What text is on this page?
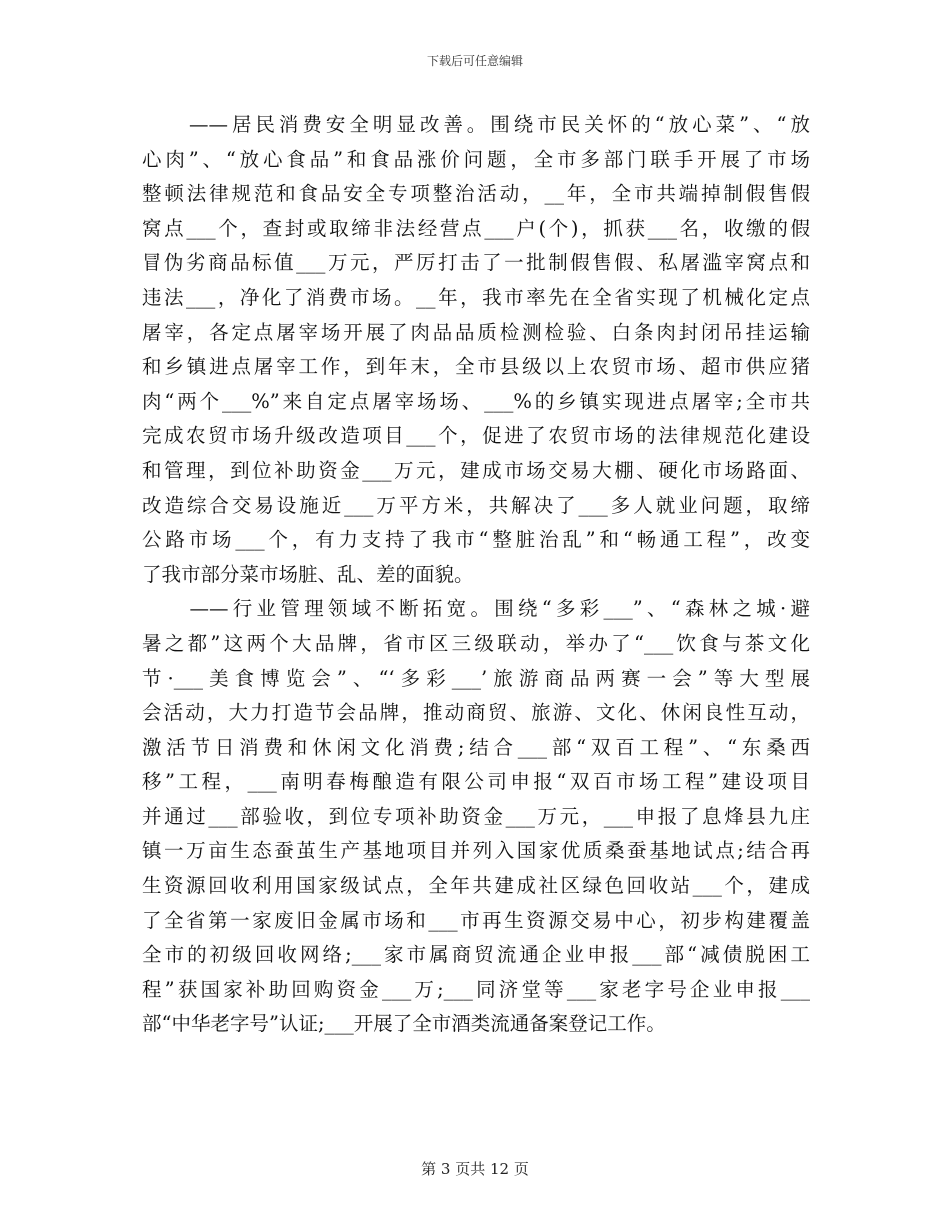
下载后可任意编辑
　　——居民消费安全明显改善。围绕市民关怀的“放心菜”、“放
心肉”、“放心食品”和食品涨价问题，全市多部门联手开展了市场
整顿法律规范和食品安全专项整治活动，__年，全市共端掉制假售假
窝点___个，查封或取缔非法经营点___户(个)，抓获___名，收缴的假
冒伪劣商品标值___万元，严厉打击了一批制假售假、私屠滥宰窝点和
违法___，净化了消费市场。__年，我市率先在全省实现了机械化定点
屠宰，各定点屠宰场开展了肉品品质检测检验、白条肉封闭吊挂运输
和乡镇进点屠宰工作，到年末，全市县级以上农贸市场、超市供应猪
肉“两个___%”来自定点屠宰场场、___%的乡镇实现进点屠宰;全市共
完成农贸市场升级改造项目___个，促进了农贸市场的法律规范化建设
和管理，到位补助资金___万元，建成市场交易大棚、硬化市场路面、
改造综合交易设施近___万平方米，共解决了___多人就业问题，取缔
公路市场___个，有力支持了我市“整脏治乱”和“畅通工程”，改变
了我市部分菜市场脏、乱、差的面貌。
　　——行业管理领域不断拓宽。围绕“多彩___”、“森林之城·避
暑之都”这两个大品牌，省市区三级联动，举办了“___饮食与茶文化
节·___美食博览会”、“‘多彩___’旅游商品两赛一会”等大型展
会活动，大力打造节会品牌，推动商贸、旅游、文化、休闲良性互动，
激活节日消费和休闲文化消费;结合___部“双百工程”、“东桑西
移”工程，___南明春梅酿造有限公司申报“双百市场工程”建设项目
并通过___部验收，到位专项补助资金___万元，___申报了息烽县九庄
镇一万亩生态蚕茧生产基地项目并列入国家优质桑蚕基地试点;结合再
生资源回收利用国家级试点，全年共建成社区绿色回收站___个，建成
了全省第一家废旧金属市场和___市再生资源交易中心，初步构建覆盖
全市的初级回收网络;___家市属商贸流通企业申报___部“减债脱困工
程”获国家补助回购资金___万;___同济堂等___家老字号企业申报___
部“中华老字号”认证;___开展了全市酒类流通备案登记工作。
第 3 页共 12 页
